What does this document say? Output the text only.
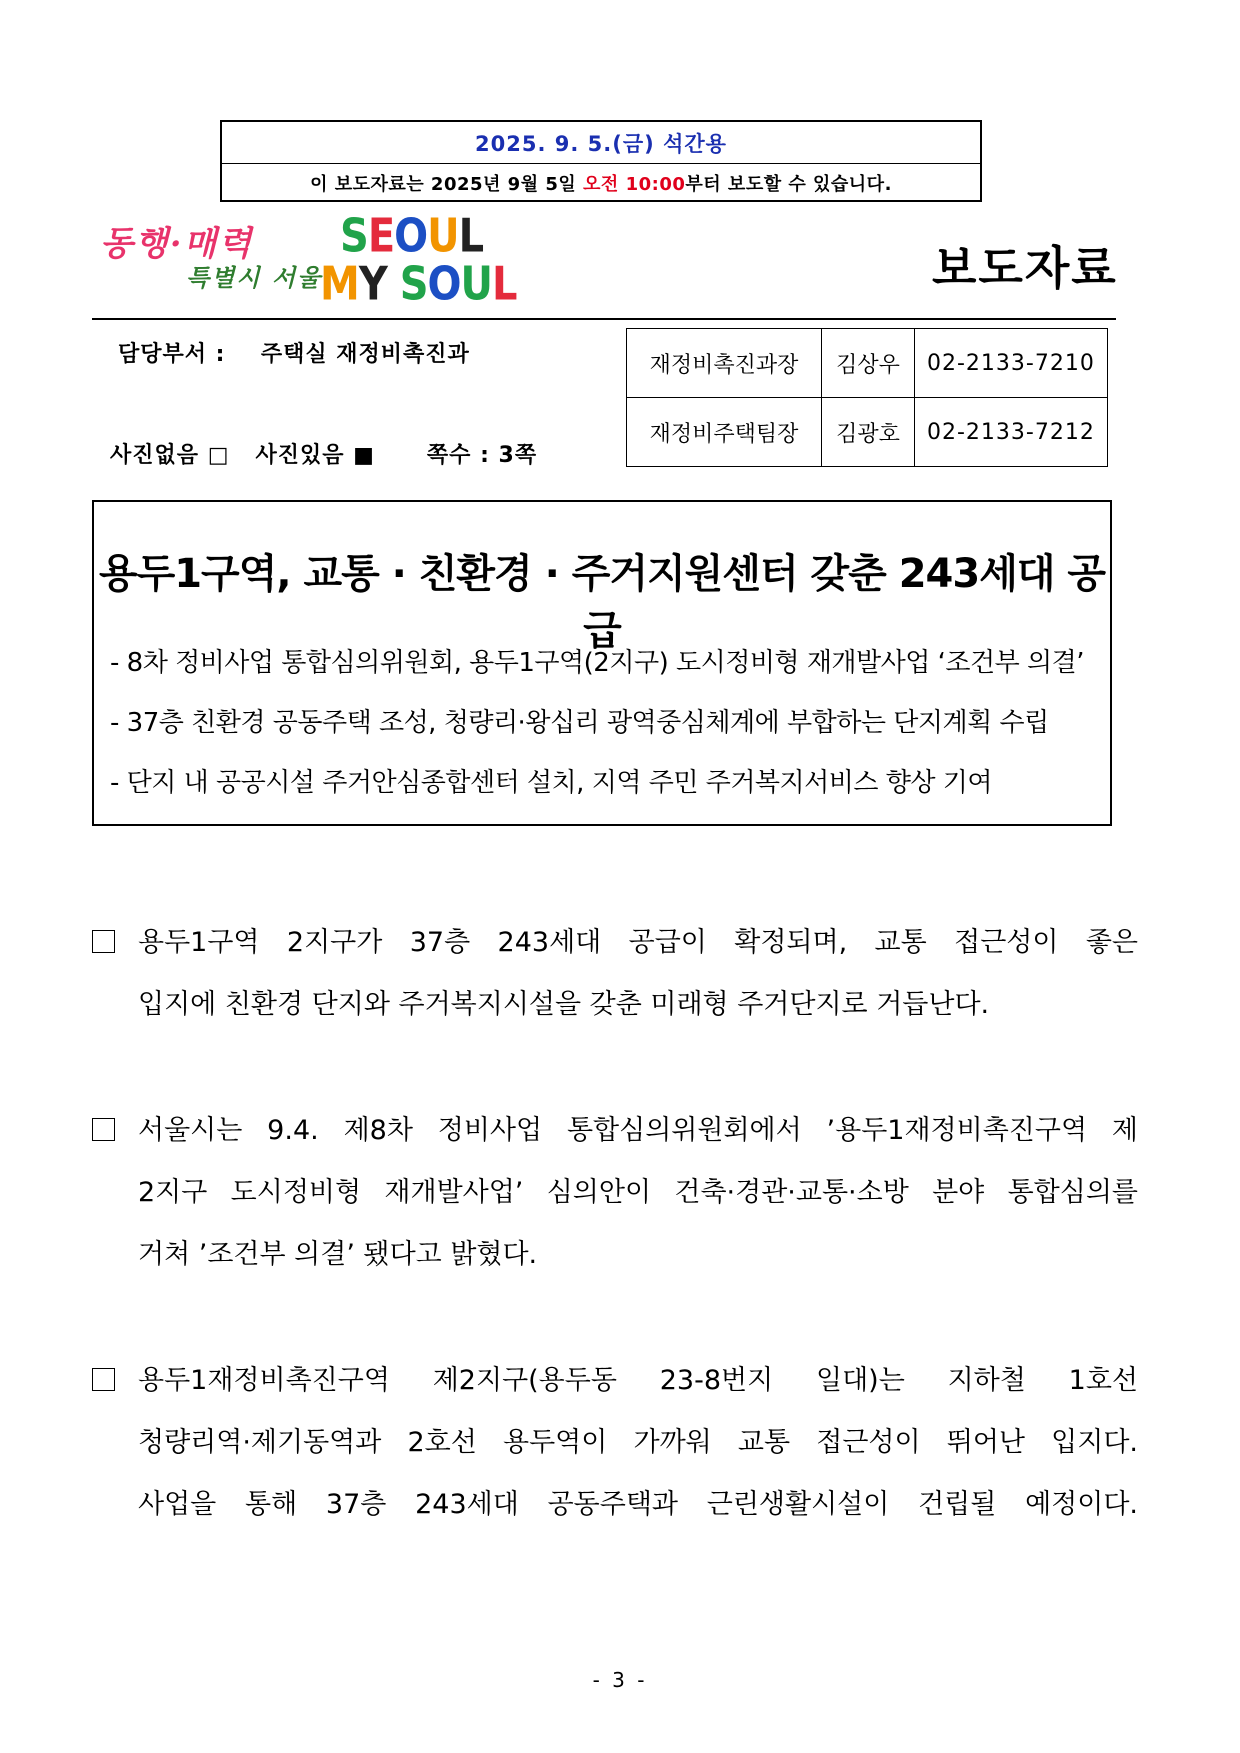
2025. 9. 5.(금) 석간용
이 보도자료는 2025년 9월 5일 오전 10:00 부터 보도할 수 있습니다.
동행·매력
특별시 서울
SEOUL
MY SOUL	보도자료
담당부서 : 주택실 재정비촉진과
사진없음 □ 사진있음 ■ 쪽수 : 3쪽
재정비촉진과장	김상우	02-2133-7210
재정비주택팀장	김광호	02-2133-7212
용두1구역, 교통 · 친환경 · 주거지원센터 갖춘 243세대 공급
- 8차 정비사업 통합심의위원회, 용두1구역(2지구) 도시정비형 재개발사업 ‘조건부 의결’
- 37층 친환경 공동주택 조성, 청량리·왕십리 광역중심체계에 부합하는 단지계획 수립
- 단지 내 공공시설 주거안심종합센터 설치, 지역 주민 주거복지서비스 향상 기여
용두1구역 2지구가 37층 243세대 공급이 확정되며, 교통 접근성이 좋은
입지에 친환경 단지와 주거복지시설을 갖춘 미래형 주거단지로 거듭난다.
서울시는 9.4. 제8차 정비사업 통합심의위원회에서 ’용두1재정비촉진구역 제
2지구 도시정비형 재개발사업’ 심의안이 건축·경관·교통·소방 분야 통합심의를
거쳐 ’조건부 의결’ 됐다고 밝혔다.
용두1재정비촉진구역 제2지구(용두동 23-8번지 일대)는 지하철 1호선
청량리역·제기동역과 2호선 용두역이 가까워 교통 접근성이 뛰어난 입지다.
사업을 통해 37층 243세대 공동주택과 근린생활시설이 건립될 예정이다.
- 3 -
